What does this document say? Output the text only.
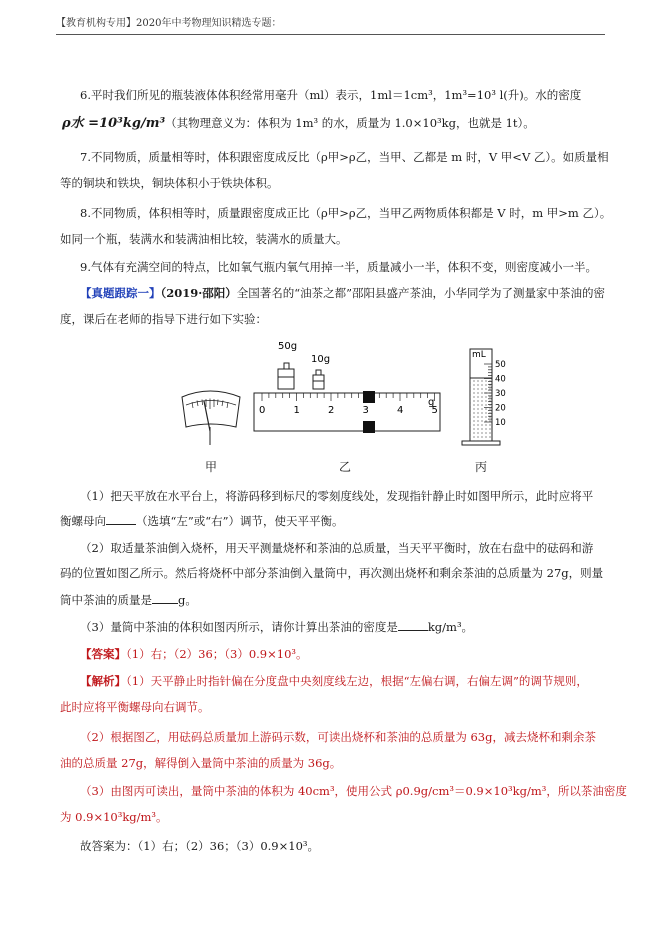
【教育机构专用】2020年中考物理知识精选专题：
6.平时我们所见的瓶装液体体积经常用毫升（ml）表示，1ml＝1cm³，1m³=10³ l(升)。水的密度
ρ水 =10³kg/m³（其物理意义为：体积为 1m³ 的水，质量为 1.0×10³kg，也就是 1t）。
7.不同物质，质量相等时，体积跟密度成反比（ρ甲>ρ乙，当甲、乙都是 m 时，V 甲<V 乙）。如质量相
等的铜块和铁块，铜块体积小于铁块体积。
8.不同物质，体积相等时，质量跟密度成正比（ρ甲>ρ乙，当甲乙两物质体积都是 V 时，m 甲>m 乙）。
如同一个瓶，装满水和装满油相比较，装满水的质量大。
9.气体有充满空间的特点，比如氧气瓶内氧气用掉一半，质量减小一半，体积不变，则密度减小一半。
【真题跟踪一】（2019·邵阳）全国著名的“油茶之都”邵阳县盛产茶油，小华同学为了测量家中茶油的密
度，课后在老师的指导下进行如下实验：
50g
10g
0	1	2	3	4	5
g
mL
50
40
30
20
10
甲	乙	丙
（1）把天平放在水平台上，将游码移到标尺的零刻度线处，发现指针静止时如图甲所示，此时应将平
衡螺母向	（选填“左”或“右”）调节，使天平平衡。
（2）取适量茶油倒入烧杯，用天平测量烧杯和茶油的总质量，当天平平衡时，放在右盘中的砝码和游
码的位置如图乙所示。然后将烧杯中部分茶油倒入量筒中，再次测出烧杯和剩余茶油的总质量为 27g，则量
筒中茶油的质量是 g。
（3）量筒中茶油的体积如图丙所示，请你计算出茶油的密度是	kg/m³。
【答案】（1）右；（2）36；（3）0.9×10³。
【解析】（1）天平静止时指针偏在分度盘中央刻度线左边，根据“左偏右调，右偏左调”的调节规则，
此时应将平衡螺母向右调节。
（2）根据图乙，用砝码总质量加上游码示数，可读出烧杯和茶油的总质量为 63g，减去烧杯和剩余茶
油的总质量 27g，解得倒入量筒中茶油的质量为 36g。
（3）由图丙可读出，量筒中茶油的体积为 40cm³，使用公式 ρ0.9g/cm³＝0.9×10³kg/m³，所以茶油密度
为 0.9×10³kg/m³。
故答案为：（1）右；（2）36；（3）0.9×10³。
